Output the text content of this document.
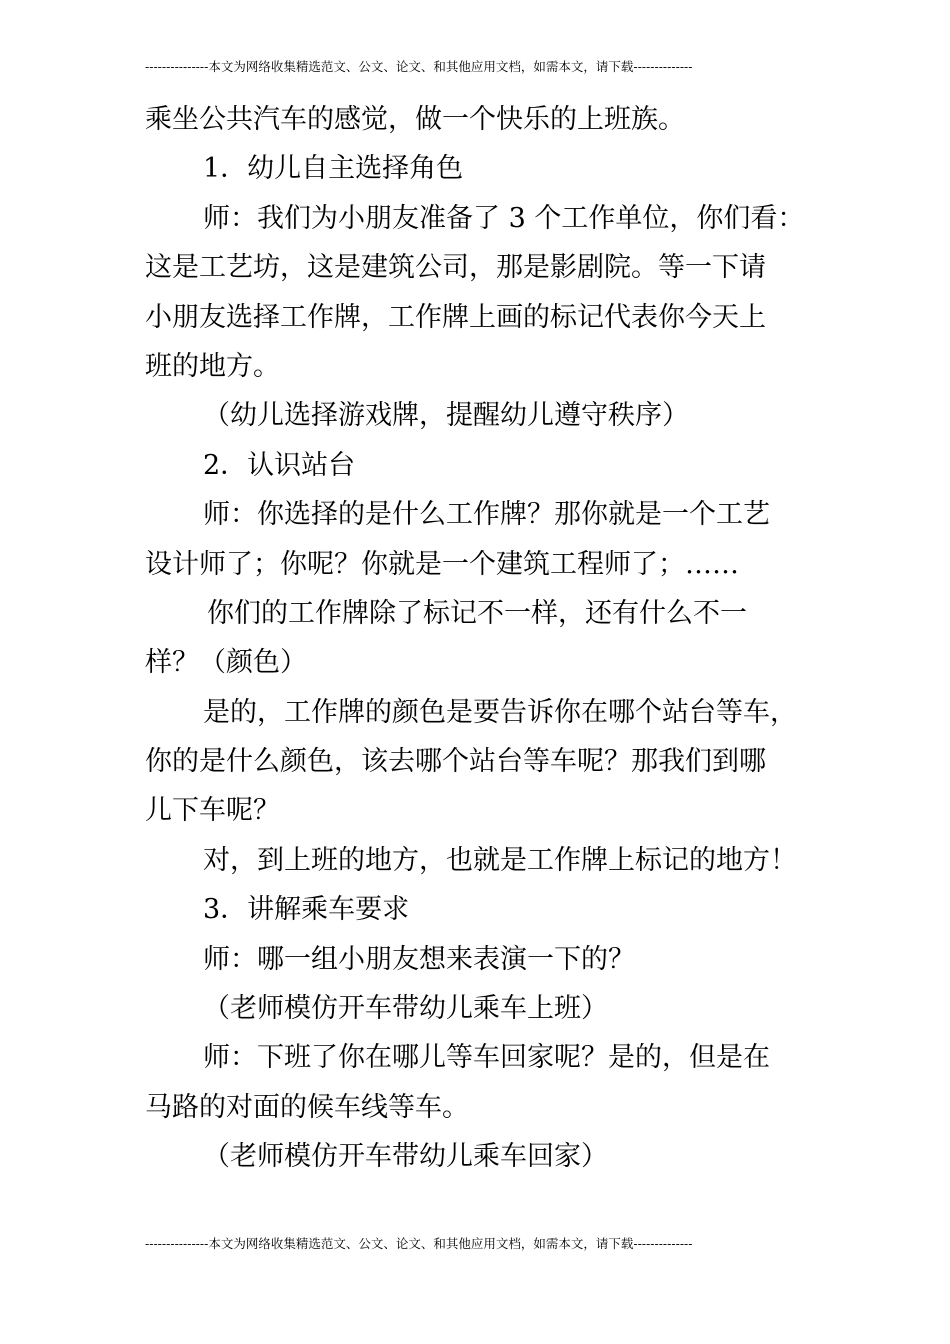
---------------本文为网络收集精选范文、公文、论文、和其他应用文档，如需本文，请下载--------------
乘坐公共汽车的感觉，做一个快乐的上班族。
1．幼儿自主选择角色
师：我们为小朋友准备了 3 个工作单位，你们看：
这是工艺坊，这是建筑公司，那是影剧院。等一下请
小朋友选择工作牌，工作牌上画的标记代表你今天上
班的地方。
（幼儿选择游戏牌，提醒幼儿遵守秩序）
2．认识站台
师：你选择的是什么工作牌？那你就是一个工艺
设计师了；你呢？你就是一个建筑工程师了；……
你们的工作牌除了标记不一样，还有什么不一
样？（颜色）
是的，工作牌的颜色是要告诉你在哪个站台等车，
你的是什么颜色，该去哪个站台等车呢？那我们到哪
儿下车呢？
对，到上班的地方，也就是工作牌上标记的地方！
3．讲解乘车要求
师：哪一组小朋友想来表演一下的？
（老师模仿开车带幼儿乘车上班）
师：下班了你在哪儿等车回家呢？是的，但是在
马路的对面的候车线等车。
（老师模仿开车带幼儿乘车回家）
---------------本文为网络收集精选范文、公文、论文、和其他应用文档，如需本文，请下载--------------
